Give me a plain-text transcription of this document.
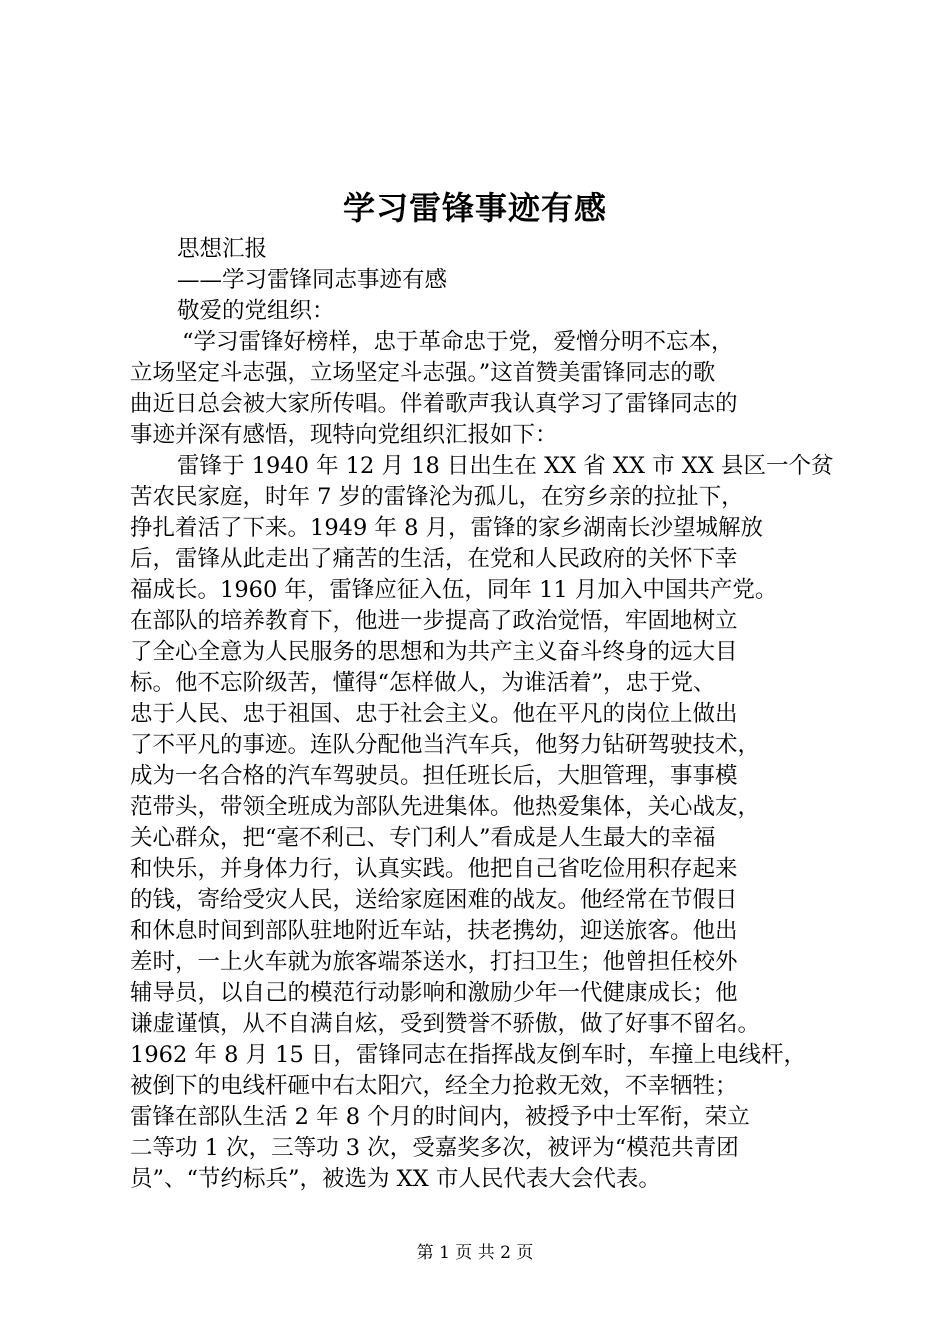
学习雷锋事迹有感
思想汇报
——学习雷锋同志事迹有感
敬爱的党组织：
“学习雷锋好榜样，忠于革命忠于党，爱憎分明不忘本，
立场坚定斗志强，立场坚定斗志强。”这首赞美雷锋同志的歌
曲近日总会被大家所传唱。伴着歌声我认真学习了雷锋同志的
事迹并深有感悟，现特向党组织汇报如下：
雷锋于 1940 年 12 月 18 日出生在 XX 省 XX 市 XX 县区一个贫
苦农民家庭，时年 7 岁的雷锋沦为孤儿，在穷乡亲的拉扯下，
挣扎着活了下来。1949 年 8 月，雷锋的家乡湖南长沙望城解放
后，雷锋从此走出了痛苦的生活，在党和人民政府的关怀下幸
福成长。1960 年，雷锋应征入伍，同年 11 月加入中国共产党。
在部队的培养教育下，他进一步提高了政治觉悟，牢固地树立
了全心全意为人民服务的思想和为共产主义奋斗终身的远大目
标。他不忘阶级苦，懂得“怎样做人，为谁活着”，忠于党、
忠于人民、忠于祖国、忠于社会主义。他在平凡的岗位上做出
了不平凡的事迹。连队分配他当汽车兵，他努力钻研驾驶技术，
成为一名合格的汽车驾驶员。担任班长后，大胆管理，事事模
范带头，带领全班成为部队先进集体。他热爱集体，关心战友，
关心群众，把“毫不利己、专门利人”看成是人生最大的幸福
和快乐，并身体力行，认真实践。他把自己省吃俭用积存起来
的钱，寄给受灾人民，送给家庭困难的战友。他经常在节假日
和休息时间到部队驻地附近车站，扶老携幼，迎送旅客。他出
差时，一上火车就为旅客端茶送水，打扫卫生；他曾担任校外
辅导员，以自己的模范行动影响和激励少年一代健康成长；他
谦虚谨慎，从不自满自炫，受到赞誉不骄傲，做了好事不留名。
1962 年 8 月 15 日，雷锋同志在指挥战友倒车时，车撞上电线杆，
被倒下的电线杆砸中右太阳穴，经全力抢救无效，不幸牺牲；
雷锋在部队生活 2 年 8 个月的时间内，被授予中士军衔，荣立
二等功 1 次，三等功 3 次，受嘉奖多次，被评为“模范共青团
员”、“节约标兵”，被选为 XX 市人民代表大会代表。
第 1 页 共 2 页
